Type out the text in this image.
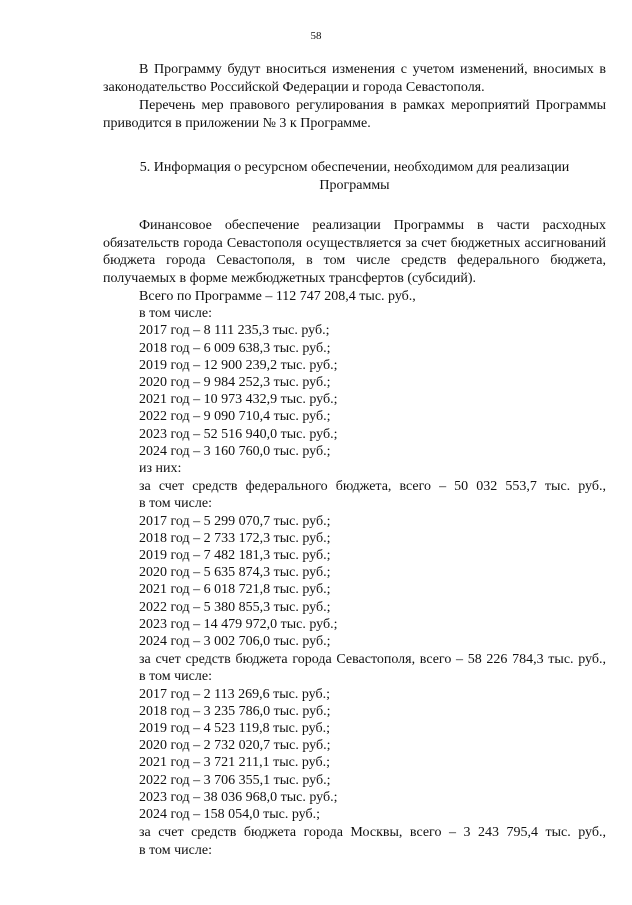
58

В Программу будут вноситься изменения с учетом изменений, вносимых в законодательство Российской Федерации и города Севастополя.

Перечень мер правового регулирования в рамках мероприятий Программы приводится в приложении № 3 к Программе.

5. Информация о ресурсном обеспечении, необходимом для реализации Программы

Финансовое обеспечение реализации Программы в части расходных обязательств города Севастополя осуществляется за счет бюджетных ассигнований бюджета города Севастополя, в том числе средств федерального бюджета, получаемых в форме межбюджетных трансфертов (субсидий).

Всего по Программе – 112 747 208,4 тыс. руб.,
в том числе:
2017 год – 8 111 235,3 тыс. руб.;
2018 год – 6 009 638,3 тыс. руб.;
2019 год – 12 900 239,2 тыс. руб.;
2020 год – 9 984 252,3 тыс. руб.;
2021 год – 10 973 432,9 тыс. руб.;
2022 год – 9 090 710,4 тыс. руб.;
2023 год – 52 516 940,0 тыс. руб.;
2024 год – 3 160 760,0 тыс. руб.;
из них:
за счет средств федерального бюджета, всего – 50 032 553,7 тыс. руб.,
в том числе:
2017 год – 5 299 070,7 тыс. руб.;
2018 год – 2 733 172,3 тыс. руб.;
2019 год – 7 482 181,3 тыс. руб.;
2020 год – 5 635 874,3 тыс. руб.;
2021 год – 6 018 721,8 тыс. руб.;
2022 год – 5 380 855,3 тыс. руб.;
2023 год – 14 479 972,0 тыс. руб.;
2024 год – 3 002 706,0 тыс. руб.;
за счет средств бюджета города Севастополя, всего – 58 226 784,3 тыс. руб.,
в том числе:
2017 год – 2 113 269,6 тыс. руб.;
2018 год – 3 235 786,0 тыс. руб.;
2019 год – 4 523 119,8 тыс. руб.;
2020 год – 2 732 020,7 тыс. руб.;
2021 год – 3 721 211,1 тыс. руб.;
2022 год – 3 706 355,1 тыс. руб.;
2023 год – 38 036 968,0 тыс. руб.;
2024 год – 158 054,0 тыс. руб.;
за счет средств бюджета города Москвы, всего – 3 243 795,4 тыс. руб.,
в том числе:
